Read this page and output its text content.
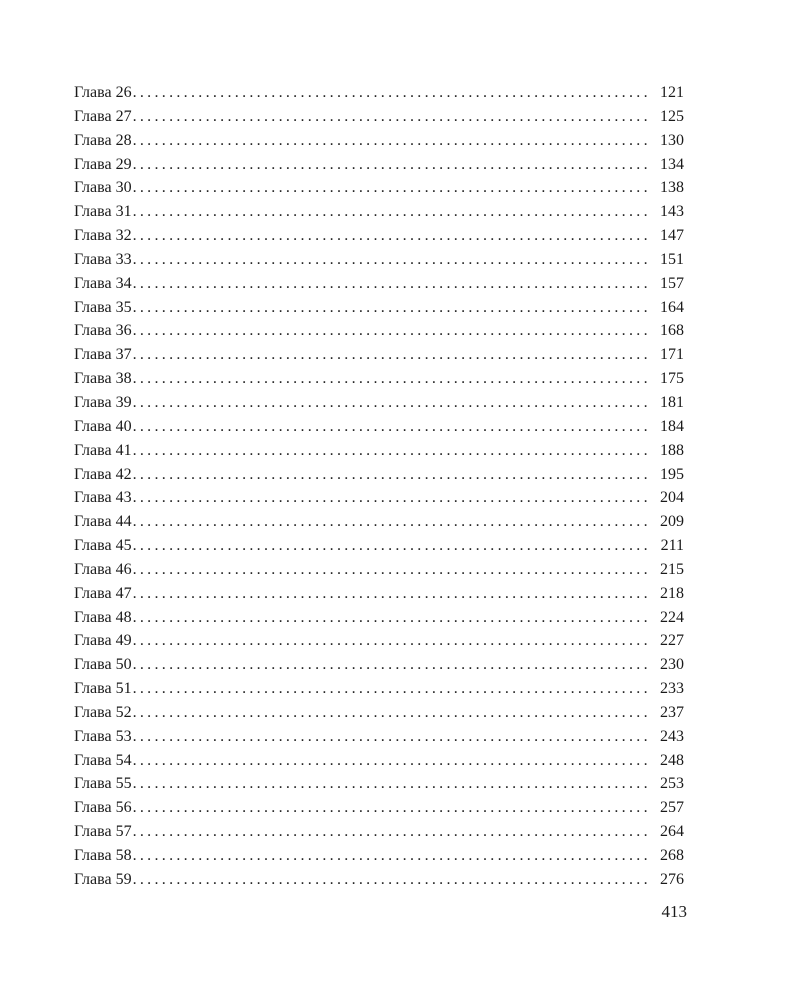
Глава 26 .....	121
Глава 27 .....	125
Глава 28 .....	130
Глава 29 .....	134
Глава 30 .....	138
Глава 31 .....	143
Глава 32 .....	147
Глава 33 .....	151
Глава 34 .....	157
Глава 35 .....	164
Глава 36 .....	168
Глава 37 .....	171
Глава 38 .....	175
Глава 39 .....	181
Глава 40 .....	184
Глава 41 .....	188
Глава 42 .....	195
Глава 43 .....	204
Глава 44 .....	209
Глава 45 .....	211
Глава 46 .....	215
Глава 47 .....	218
Глава 48 .....	224
Глава 49 .....	227
Глава 50 .....	230
Глава 51 .....	233
Глава 52 .....	237
Глава 53 .....	243
Глава 54 .....	248
Глава 55 .....	253
Глава 56 .....	257
Глава 57 .....	264
Глава 58 .....	268
Глава 59 .....	276
413
